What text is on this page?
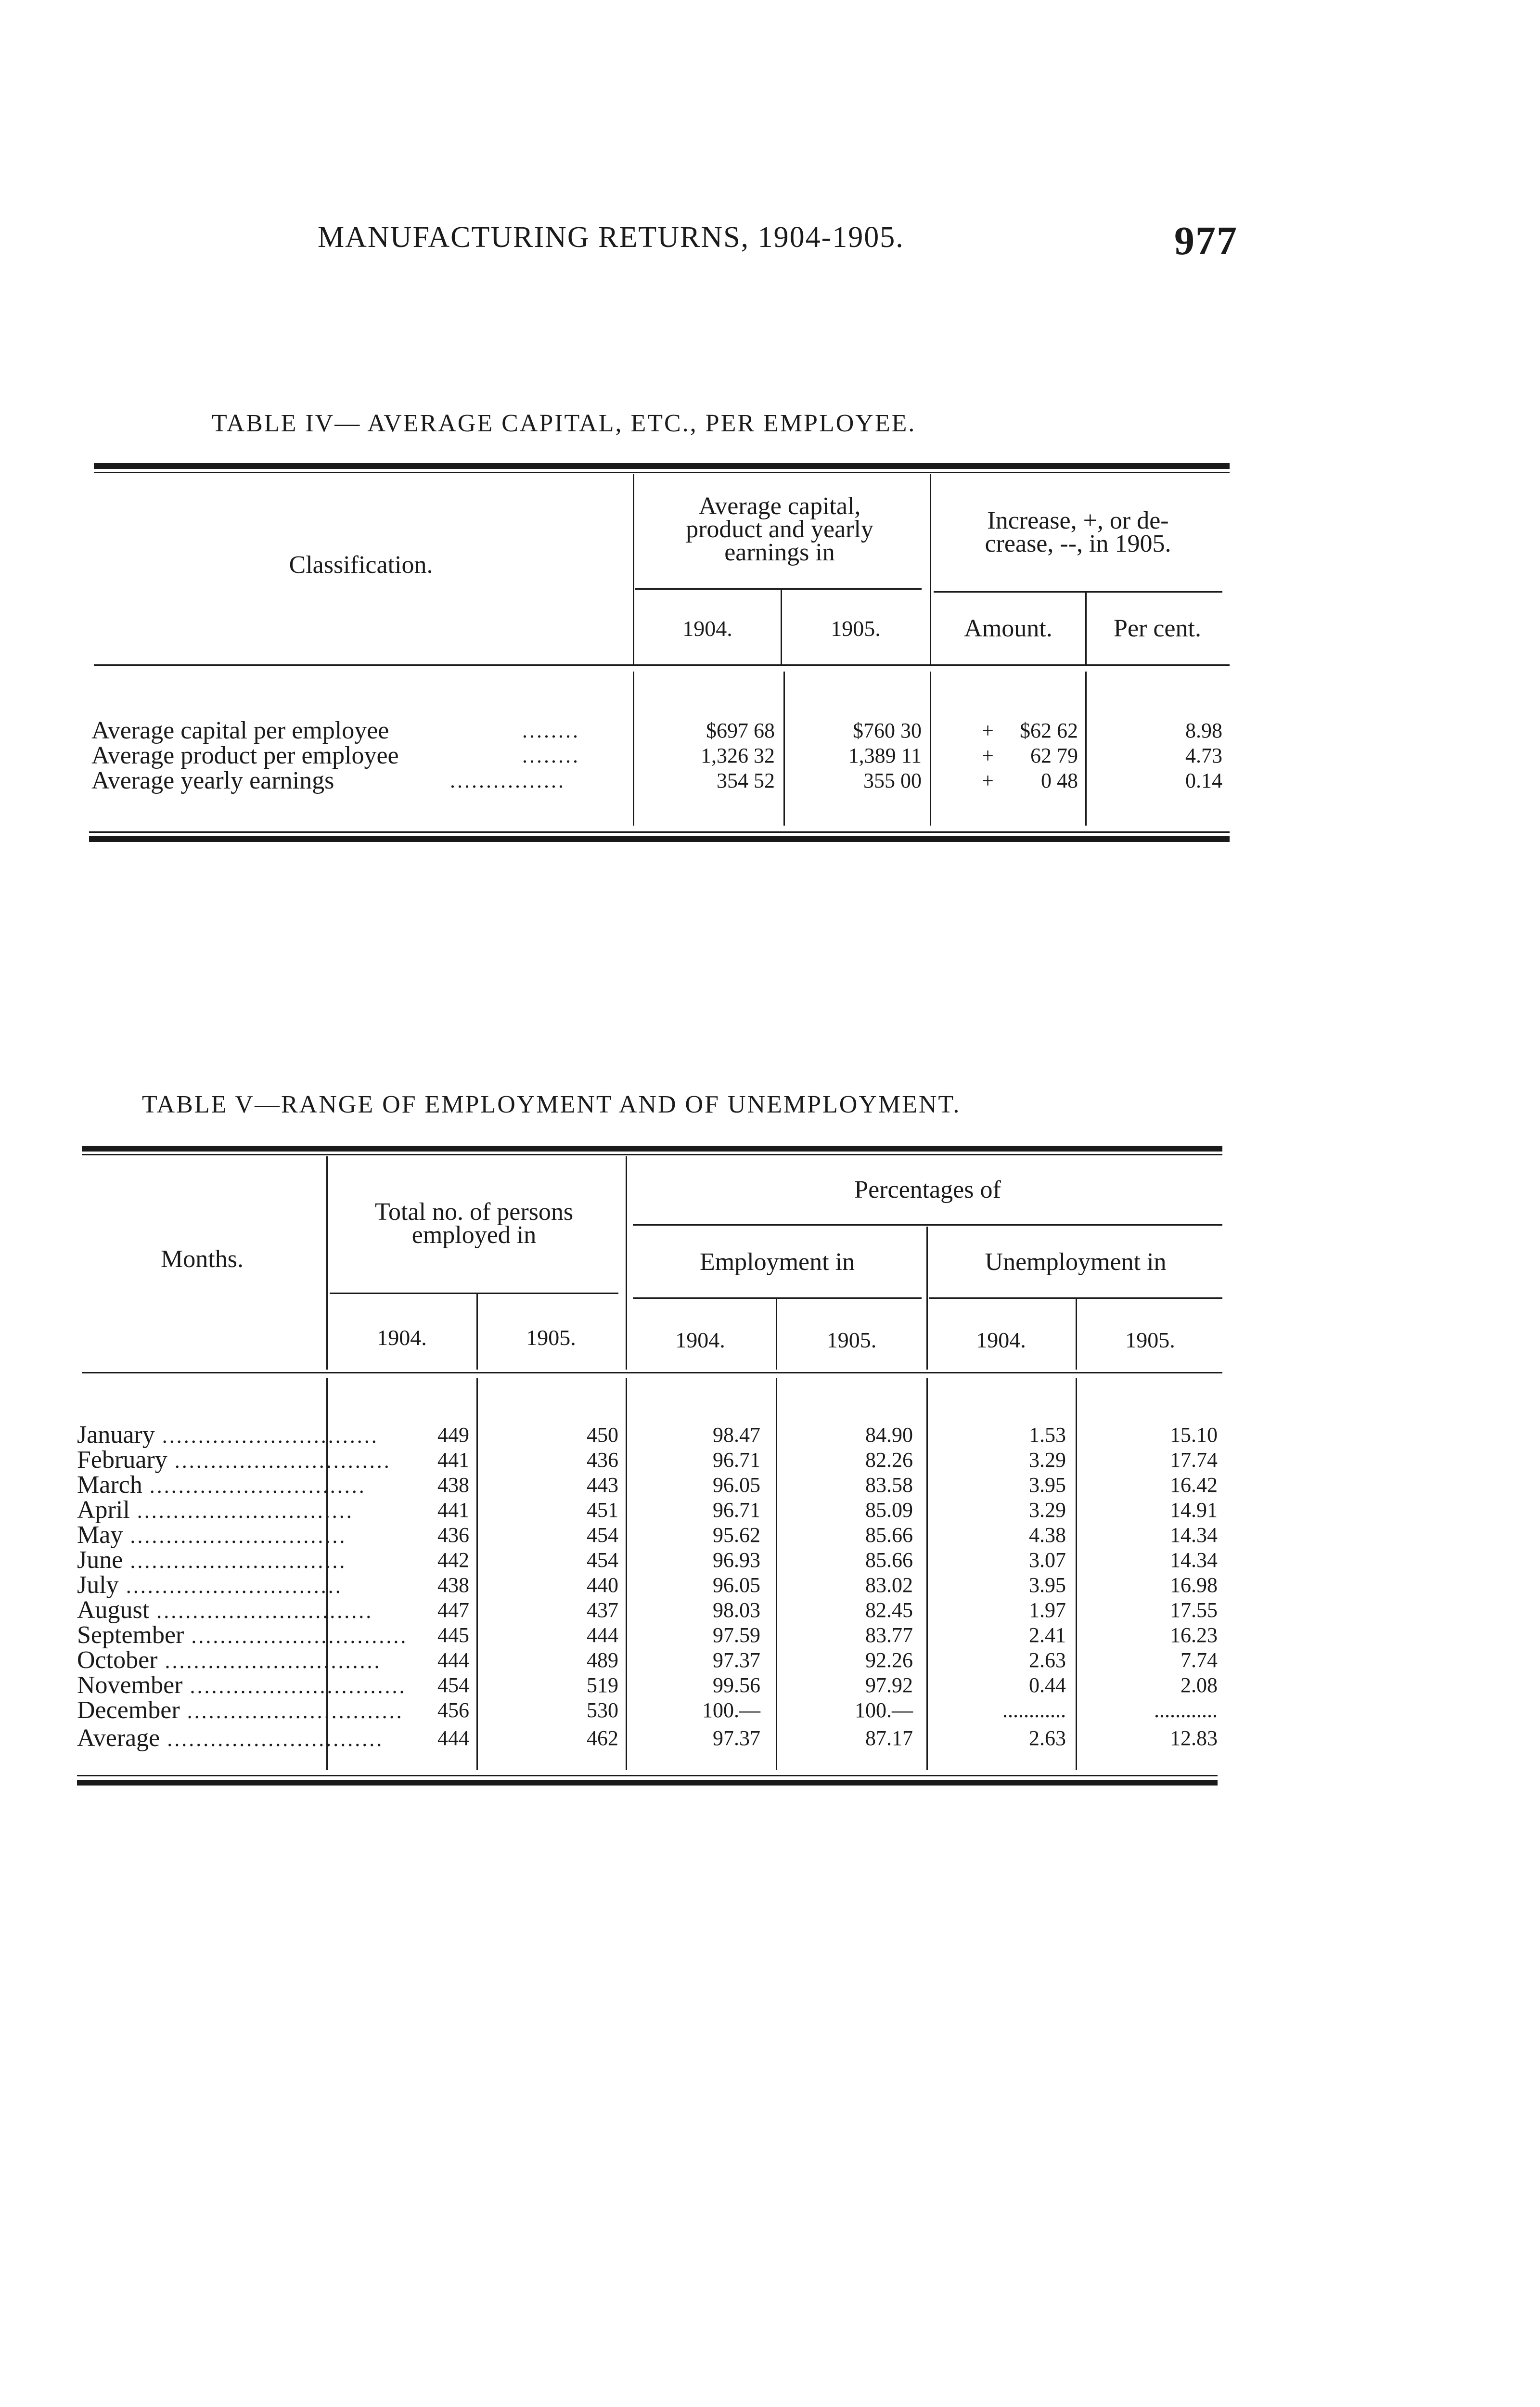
MANUFACTURING RETURNS, 1904-1905.	977
TABLE IV— AVERAGE CAPITAL, ETC., PER EMPLOYEE.
Classification.
Average capital,
product and yearly
earnings in
Increase, +, or de-
crease, --, in 1905.
1904.	1905.	Amount.	Per cent.
Average capital per employee	........	$697 68	$760 30	+	$62 62	8.98
Average product per employee	........	1,326 32	1,389 11	+	62 79	4.73
Average yearly earnings	................	354 52	355 00	+	0 48	0.14
TABLE V—RANGE OF EMPLOYMENT AND OF UNEMPLOYMENT.
Months.
Total no. of persons
employed in
Percentages of
Employment in	Unemployment in
1904.	1905.	1904.	1905.	1904.	1905.
January ..............................	449	450	98.47	84.90	1.53	15.10
February ..............................	441	436	96.71	82.26	3.29	17.74
March ..............................	438	443	96.05	83.58	3.95	16.42
April ..............................	441	451	96.71	85.09	3.29	14.91
May ..............................	436	454	95.62	85.66	4.38	14.34
June ..............................	442	454	96.93	85.66	3.07	14.34
July ..............................	438	440	96.05	83.02	3.95	16.98
August ..............................	447	437	98.03	82.45	1.97	17.55
September ..............................	445	444	97.59	83.77	2.41	16.23
October ..............................	444	489	97.37	92.26	2.63	7.74
November ..............................	454	519	99.56	97.92	0.44	2.08
December ..............................	456	530	100.—	100.—	............	............
Average ..............................	444	462	97.37	87.17	2.63	12.83
